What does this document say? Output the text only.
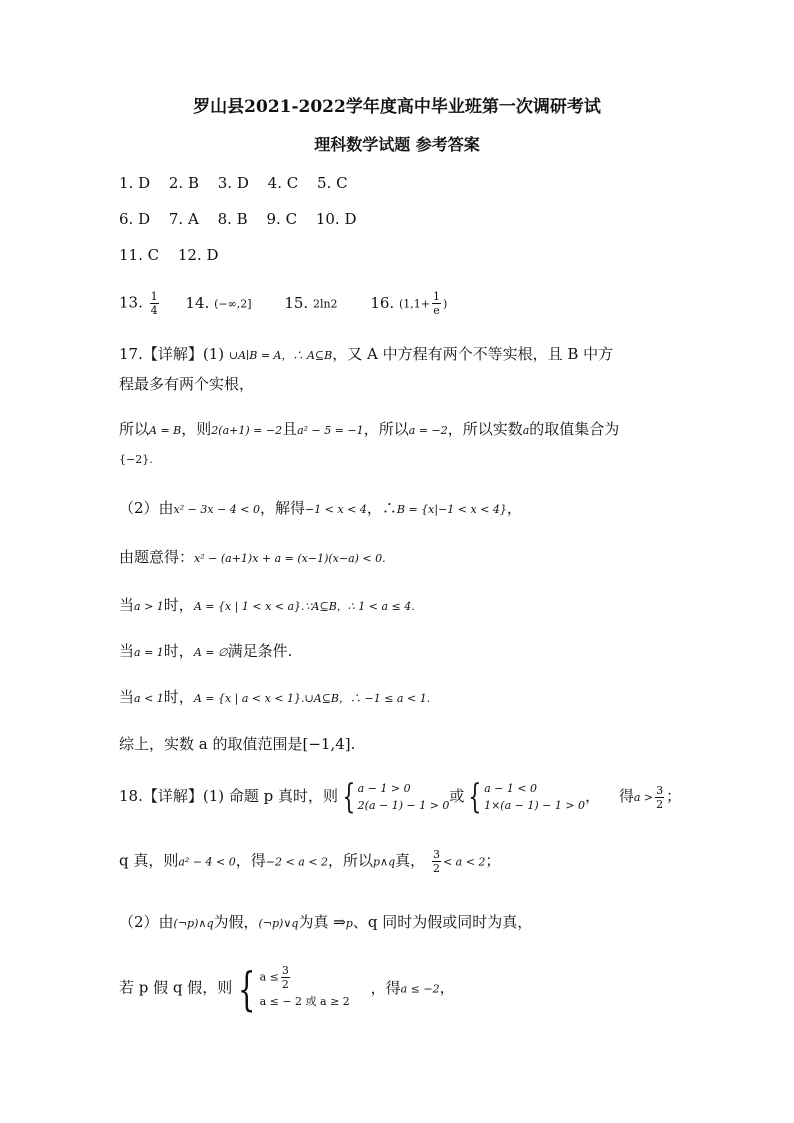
罗山县2021-2022学年度高中毕业班第一次调研考试
理科数学试题 参考答案
1. D 2. B 3. D 4. C 5. C
6. D 7. A 8. B 9. C 10. D
11. C 12. D
13. $\frac{1}{4} 14$. (−∞,2] 15. 2ln2 16. ($1,1+ \frac{1}{e}$ )
17.【详解】(1) ∪A∣B = A，∴ A⊆B，又 A 中方程有两个不等实根，且 B 中方
程最多有两个实根，
所以A = B，则2(a+1) = −2且a² − 5 = −1，所以a = −2，所以实数a的取值集合为
{−2}.
（2）由x² − 3x − 4 < 0，解得−1 < x < 4，∴B = {x|−1 < x < 4}，
由题意得：x² − (a+1)x + a = (x−1)(x−a) < 0.
当a > 1时，A = {x | 1 < x < a}.∵A⊆B，∴ 1 < a ≤ 4.
当a = 1时，A = ∅满足条件.
当a < 1时，A = {x | a < x < 1}.∪A⊆B，∴ −1 ≤ a < 1.
综上，实数 a 的取值范围是[−1,4].
18.【详解】(1) 命题 p 真时，则 { a − 1 > 0
2(a − 1) − 1 > 0
或 { a − 1 < 0
1×(a − 1) − 1 > 0
， 得$a > \frac{3}{2}$ ；
q 真，则a² − 4 < 0，得−2 < a < 2，所以p∧q真， $\frac{3}{2} < a < 2$；
（2）由(¬p)∧q为假，(¬p)∨q为真 ⇒p、q 同时为假或同时为真，
若 p 假 q 假，则 { $a \le \frac{3}{2}$
a ≤ − 2 或 a ≥ 2
，得a ≤ −2，
